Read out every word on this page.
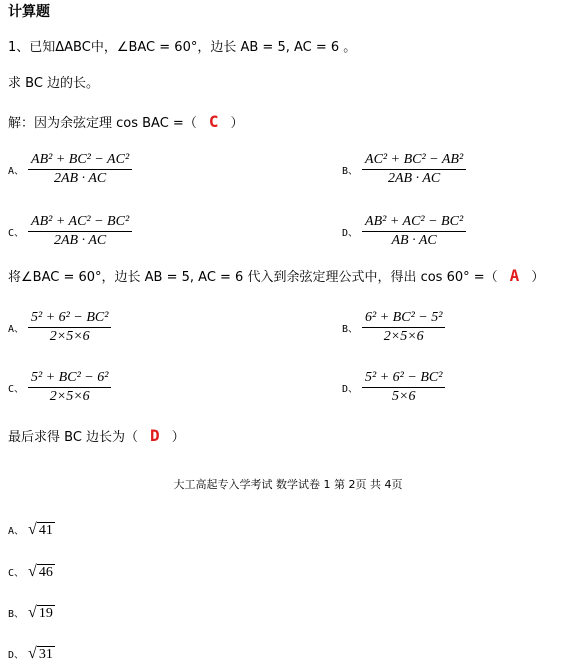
计算题
1、已知ΔABC中，∠BAC = 60°，边长 AB = 5, AC = 6 。
求 BC 边的长。
解：因为余弦定理 cos BAC =（ C ）
A、 $\frac{\text{AB² + BC² − AC²}}{2AB \cdot AC}$	B、 $\frac{\text{AC² + BC² − AB²}}{2AB \cdot AC}$
C、 $\frac{\text{AB² + AC² − BC²}}{2AB \cdot AC}$	D、 $\frac{\text{AB² + AC² − BC²}}{AB \cdot AC}$
将∠BAC = 60°，边长 AB = 5, AC = 6 代入到余弦定理公式中，得出 cos 60° =（ A ）
A、 $\frac{\text{5² + 6² − BC²}}{2\times 5\times 6}$	B、 $\frac{\text{6² + BC² − 5²}}{2\times 5\times 6}$
C、 $\frac{\text{5² + BC² − 6²}}{2\times 5\times 6}$	D、 $\frac{\text{5² + 6² − BC²}}{5\times 6}$
最后求得 BC 边长为（ D ）
大工高起专入学考试 数学试卷 1 第 2页 共 4页
A、 √ 41
C、 √ 46
B、 √ 19
D、 √ 31
